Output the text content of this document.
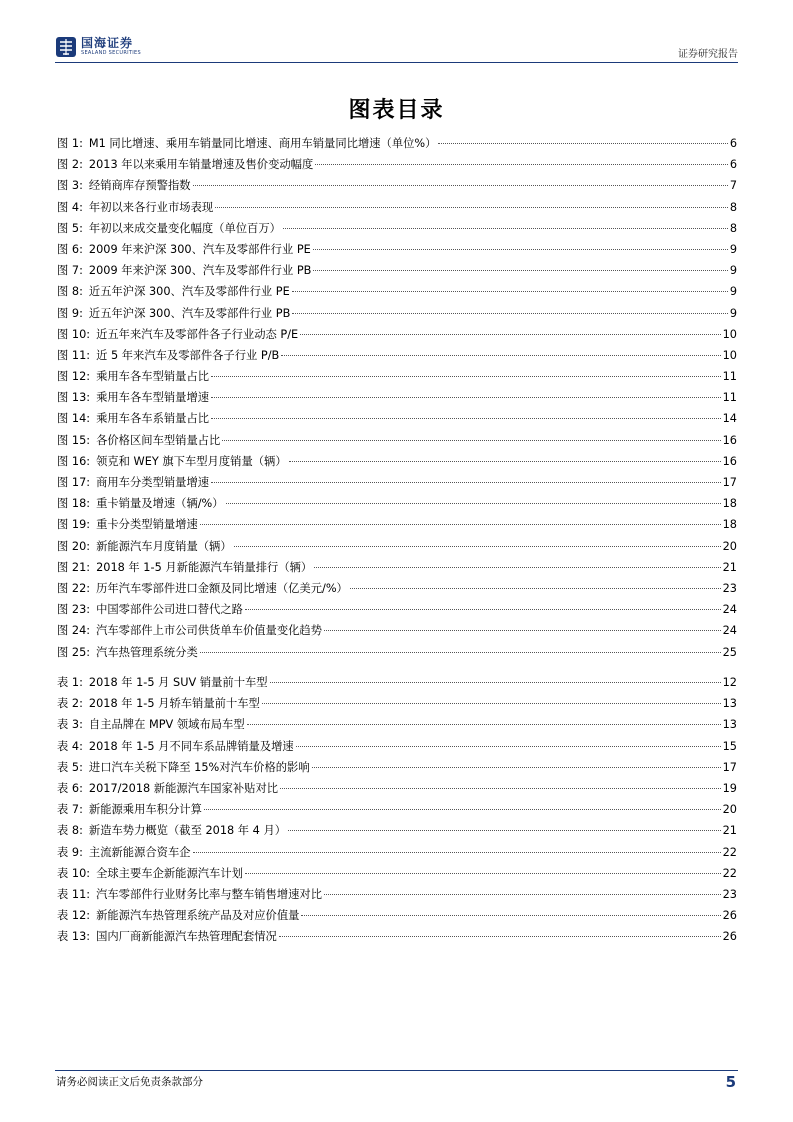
国海证券
SEALAND SECURITIES	证券研究报告
图表目录
图 1: M1 同比增速、乘用车销量同比增速、商用车销量同比增速（单位%）	6
图 2: 2013 年以来乘用车销量增速及售价变动幅度	6
图 3: 经销商库存预警指数	7
图 4: 年初以来各行业市场表现	8
图 5: 年初以来成交量变化幅度（单位百万）	8
图 6: 2009 年来沪深 300、汽车及零部件行业 PE	9
图 7: 2009 年来沪深 300、汽车及零部件行业 PB	9
图 8: 近五年沪深 300、汽车及零部件行业 PE	9
图 9: 近五年沪深 300、汽车及零部件行业 PB	9
图 10: 近五年来汽车及零部件各子行业动态 P/E	10
图 11: 近 5 年来汽车及零部件各子行业 P/B	10
图 12: 乘用车各车型销量占比	11
图 13: 乘用车各车型销量增速	11
图 14: 乘用车各车系销量占比	14
图 15: 各价格区间车型销量占比	16
图 16: 领克和 WEY 旗下车型月度销量（辆）	16
图 17: 商用车分类型销量增速	17
图 18: 重卡销量及增速（辆/%）	18
图 19: 重卡分类型销量增速	18
图 20: 新能源汽车月度销量（辆）	20
图 21: 2018 年 1-5 月新能源汽车销量排行（辆）	21
图 22: 历年汽车零部件进口金额及同比增速（亿美元/%）	23
图 23: 中国零部件公司进口替代之路	24
图 24: 汽车零部件上市公司供货单车价值量变化趋势	24
图 25: 汽车热管理系统分类	25
表 1: 2018 年 1-5 月 SUV 销量前十车型	12
表 2: 2018 年 1-5 月轿车销量前十车型	13
表 3: 自主品牌在 MPV 领域布局车型	13
表 4: 2018 年 1-5 月不同车系品牌销量及增速	15
表 5: 进口汽车关税下降至 15%对汽车价格的影响	17
表 6: 2017/2018 新能源汽车国家补贴对比	19
表 7: 新能源乘用车积分计算	20
表 8: 新造车势力概览（截至 2018 年 4 月）	21
表 9: 主流新能源合资车企	22
表 10: 全球主要车企新能源汽车计划	22
表 11: 汽车零部件行业财务比率与整车销售增速对比	23
表 12: 新能源汽车热管理系统产品及对应价值量	26
表 13: 国内厂商新能源汽车热管理配套情况	26
请务必阅读正文后免责条款部分	5
